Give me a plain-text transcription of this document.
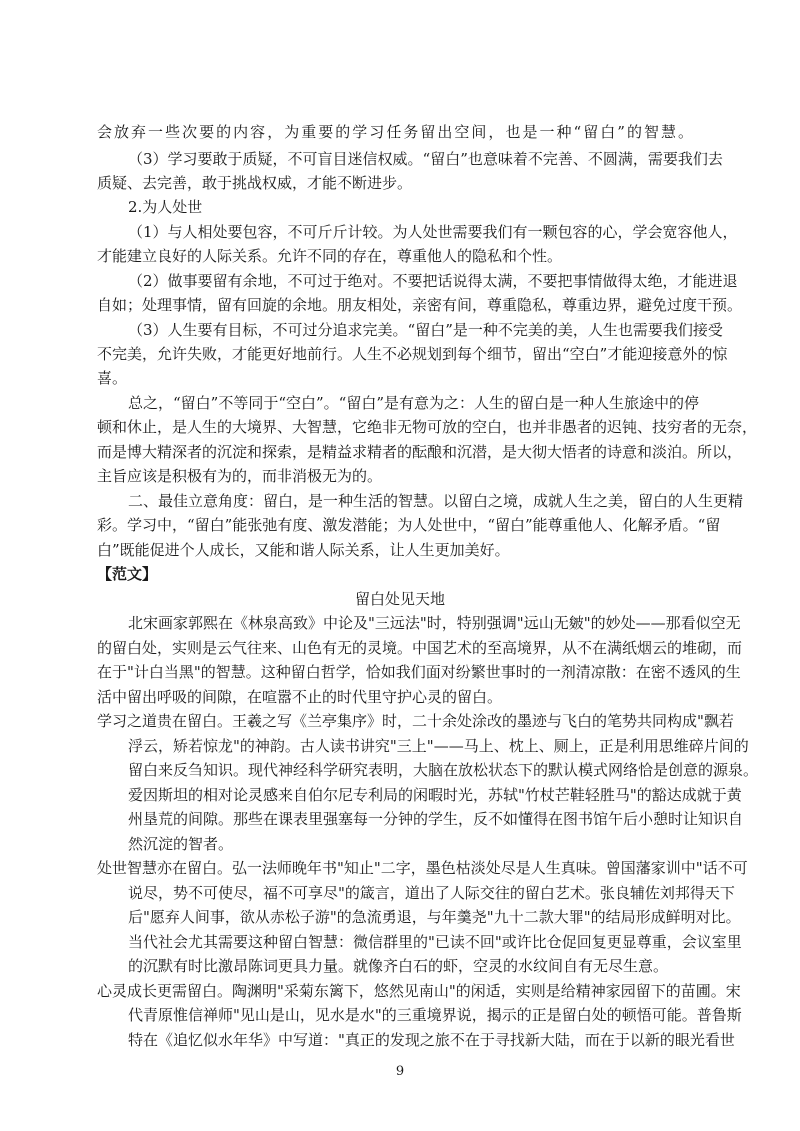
会放弃一些次要的内容，为重要的学习任务留出空间，也是一种“留白”的智慧。
（3）学习要敢于质疑，不可盲目迷信权威。“留白”也意味着不完善、不圆满，需要我们去
质疑、去完善，敢于挑战权威，才能不断进步。
2.为人处世
（1）与人相处要包容，不可斤斤计较。为人处世需要我们有一颗包容的心，学会宽容他人，
才能建立良好的人际关系。允许不同的存在，尊重他人的隐私和个性。
（2）做事要留有余地，不可过于绝对。不要把话说得太满，不要把事情做得太绝，才能进退
自如；处理事情，留有回旋的余地。朋友相处，亲密有间，尊重隐私，尊重边界，避免过度干预。
（3）人生要有目标，不可过分追求完美。“留白”是一种不完美的美，人生也需要我们接受
不完美，允许失败，才能更好地前行。人生不必规划到每个细节，留出“空白”才能迎接意外的惊
喜。
总之，“留白”不等同于“空白”。“留白”是有意为之：人生的留白是一种人生旅途中的停
顿和休止，是人生的大境界、大智慧，它绝非无物可放的空白，也并非愚者的迟钝、技穷者的无奈，
而是博大精深者的沉淀和探索，是精益求精者的酝酿和沉潜，是大彻大悟者的诗意和淡泊。所以，
主旨应该是积极有为的，而非消极无为的。
二、最佳立意角度：留白，是一种生活的智慧。以留白之境，成就人生之美，留白的人生更精
彩。学习中，“留白”能张弛有度、激发潜能；为人处世中，“留白”能尊重他人、化解矛盾。“留
白”既能促进个人成长，又能和谐人际关系，让人生更加美好。
【范文】
留白处见天地
北宋画家郭熙在《林泉高致》中论及"三远法"时，特别强调"远山无皴"的妙处——那看似空无
的留白处，实则是云气往来、山色有无的灵境。中国艺术的至高境界，从不在满纸烟云的堆砌，而
在于"计白当黑"的智慧。这种留白哲学，恰如我们面对纷繁世事时的一剂清凉散：在密不透风的生
活中留出呼吸的间隙，在喧嚣不止的时代里守护心灵的留白。
学习之道贵在留白。王羲之写《兰亭集序》时，二十余处涂改的墨迹与飞白的笔势共同构成"飘若
浮云，矫若惊龙"的神韵。古人读书讲究"三上"——马上、枕上、厕上，正是利用思维碎片间的
留白来反刍知识。现代神经科学研究表明，大脑在放松状态下的默认模式网络恰是创意的源泉。
爱因斯坦的相对论灵感来自伯尔尼专利局的闲暇时光，苏轼"竹杖芒鞋轻胜马"的豁达成就于黄
州垦荒的间隙。那些在课表里强塞每一分钟的学生，反不如懂得在图书馆午后小憩时让知识自
然沉淀的智者。
处世智慧亦在留白。弘一法师晚年书"知止"二字，墨色枯淡处尽是人生真味。曾国藩家训中"话不可
说尽，势不可使尽，福不可享尽"的箴言，道出了人际交往的留白艺术。张良辅佐刘邦得天下
后"愿弃人间事，欲从赤松子游"的急流勇退，与年羹尧"九十二款大罪"的结局形成鲜明对比。
当代社会尤其需要这种留白智慧：微信群里的"已读不回"或许比仓促回复更显尊重，会议室里
的沉默有时比激昂陈词更具力量。就像齐白石的虾，空灵的水纹间自有无尽生意。
心灵成长更需留白。陶渊明"采菊东篱下，悠然见南山"的闲适，实则是给精神家园留下的苗圃。宋
代青原惟信禅师"见山是山，见水是水"的三重境界说，揭示的正是留白处的顿悟可能。普鲁斯
特在《追忆似水年华》中写道："真正的发现之旅不在于寻找新大陆，而在于以新的眼光看世
9
